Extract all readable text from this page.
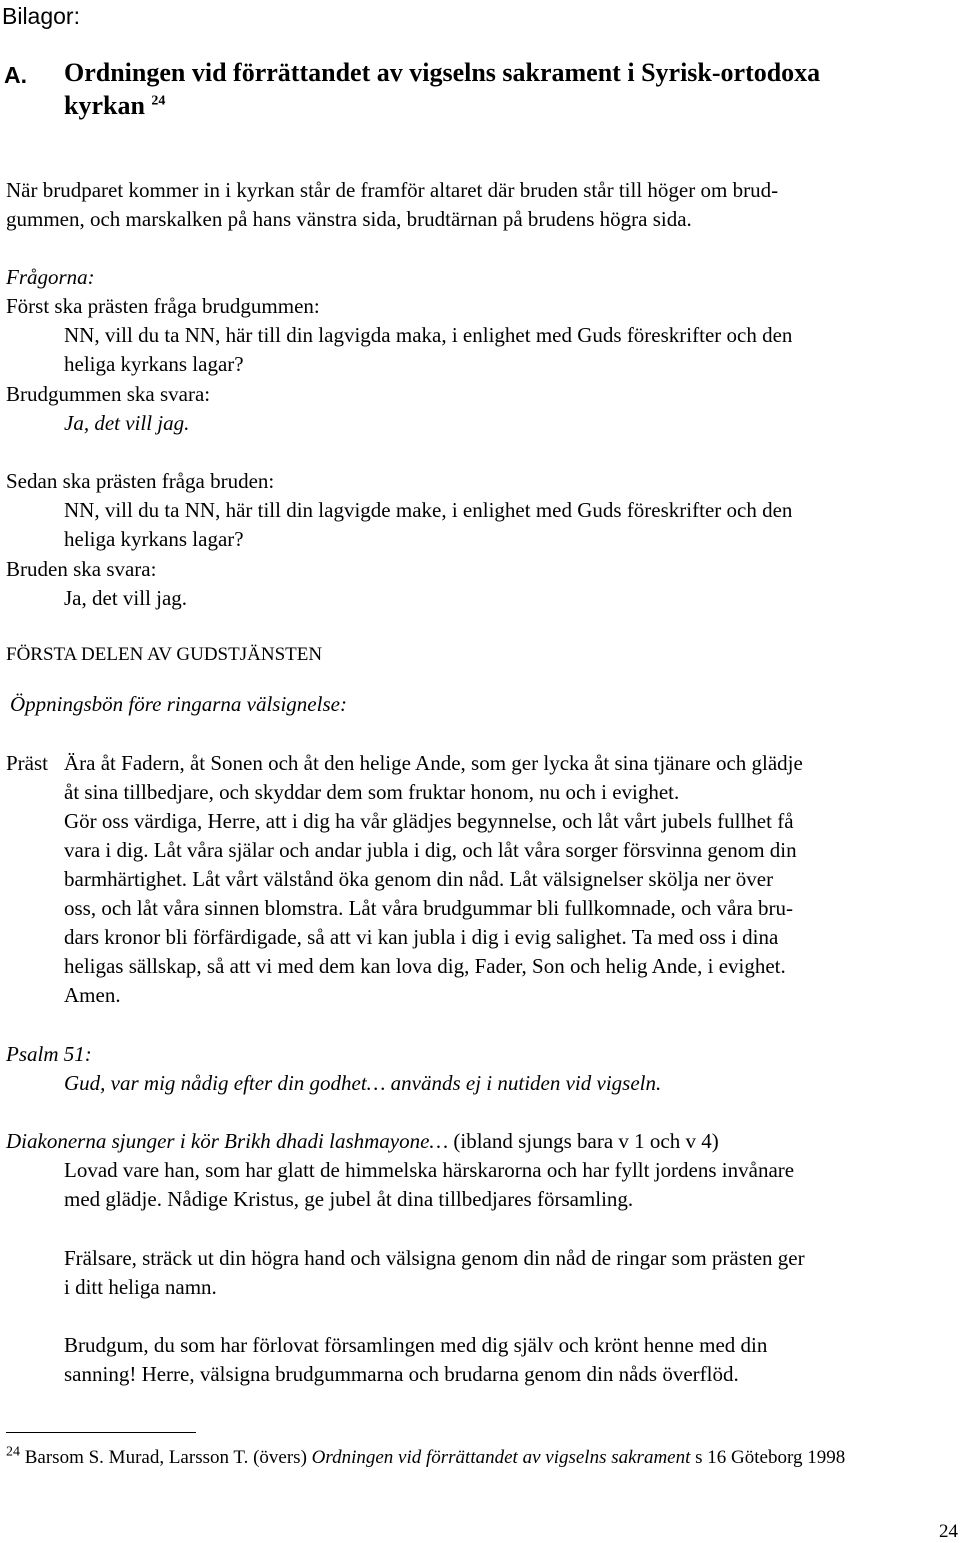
Bilagor:
A. Ordningen vid förrättandet av vigselns sakrament i Syrisk-ortodoxa
kyrkan $^{24}$
När brudparet kommer in i kyrkan står de framför altaret där bruden står till höger om brud-
gummen, och marskalken på hans vänstra sida, brudtärnan på brudens högra sida.
Frågorna:
Först ska prästen fråga brudgummen:
NN, vill du ta NN, här till din lagvigda maka, i enlighet med Guds föreskrifter och den
heliga kyrkans lagar?
Brudgummen ska svara:
Ja, det vill jag.
Sedan ska prästen fråga bruden:
NN, vill du ta NN, här till din lagvigde make, i enlighet med Guds föreskrifter och den
heliga kyrkans lagar?
Bruden ska svara:
Ja, det vill jag.
FÖRSTA DELEN AV GUDSTJÄNSTEN
Öppningsbön före ringarna välsignelse:
Präst Ära åt Fadern, åt Sonen och åt den helige Ande, som ger lycka åt sina tjänare och glädje
åt sina tillbedjare, och skyddar dem som fruktar honom, nu och i evighet.
Gör oss värdiga, Herre, att i dig ha vår glädjes begynnelse, och låt vårt jubels fullhet få
vara i dig. Låt våra själar och andar jubla i dig, och låt våra sorger försvinna genom din
barmhärtighet. Låt vårt välstånd öka genom din nåd. Låt välsignelser skölja ner över
oss, och låt våra sinnen blomstra. Låt våra brudgummar bli fullkomnade, och våra bru-
dars kronor bli förfärdigade, så att vi kan jubla i dig i evig salighet. Ta med oss i dina
heligas sällskap, så att vi med dem kan lova dig, Fader, Son och helig Ande, i evighet.
Amen.
Psalm 51:
Gud, var mig nådig efter din godhet… används ej i nutiden vid vigseln.
Diakonerna sjunger i kör Brikh dhadi lashmayone… (ibland sjungs bara v 1 och v 4)
Lovad vare han, som har glatt de himmelska härskarorna och har fyllt jordens invånare
med glädje. Nådige Kristus, ge jubel åt dina tillbedjares församling.
Frälsare, sträck ut din högra hand och välsigna genom din nåd de ringar som prästen ger
i ditt heliga namn.
Brudgum, du som har förlovat församlingen med dig själv och krönt henne med din
sanning! Herre, välsigna brudgummarna och brudarna genom din nåds överflöd.
$^{24}$ Barsom S. Murad, Larsson T. (övers) Ordningen vid förrättandet av vigselns sakrament s 16 Göteborg 1998
24
